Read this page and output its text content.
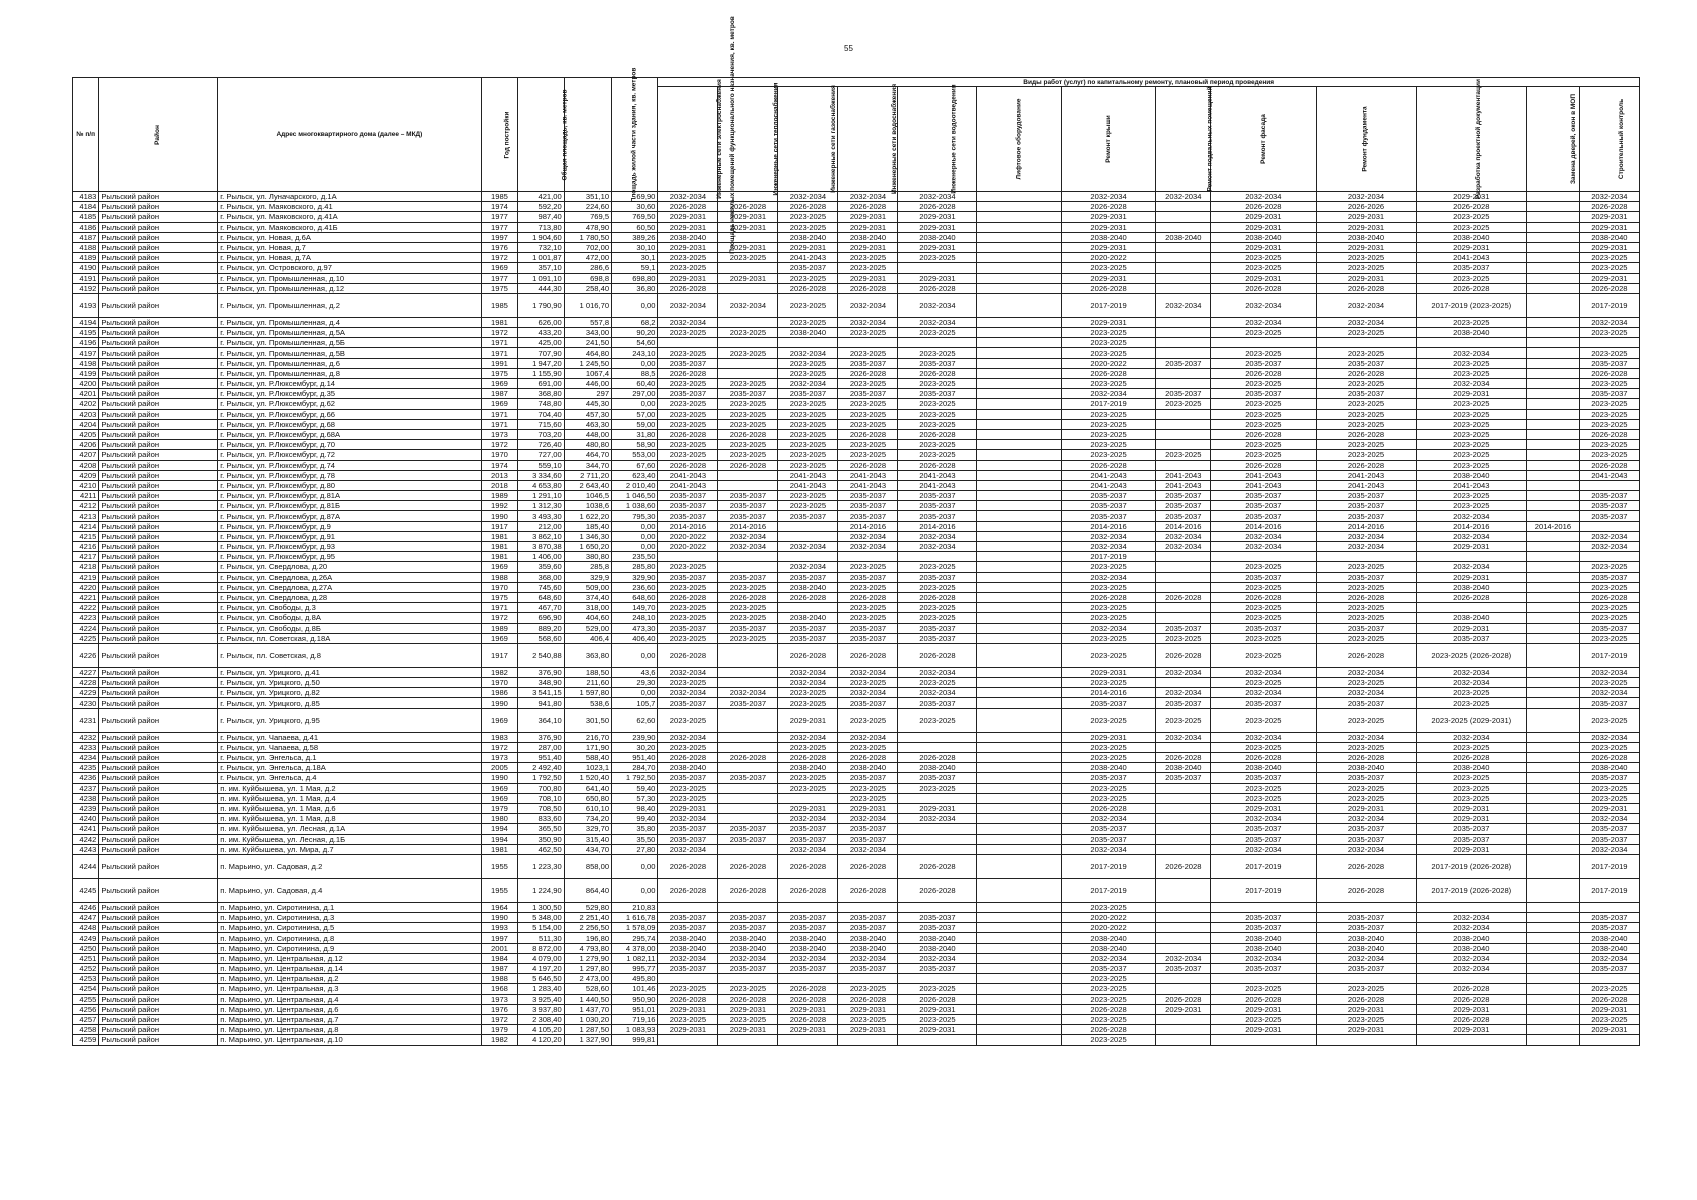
55
№ п/п	Район	Адрес многоквартирного дома (далее – МКД)	Год постройки	Общая площадь, кв. метров	Площадь жилой части здания, кв. метров	Площадь нежилых помещений функционального назначения, кв. метров	Виды работ (услуг) по капитальному ремонту, плановый период проведения												
							Инженерные сети электроснабжения	Инженерные сети теплоснабжения	Инженерные сети газоснабжения	Инженерные сети водоснабжения	Инженерные сети водоотведения	Лифтовое оборудование	Ремонт крыши	Ремонт подвальных помещений	Ремонт фасада	Ремонт фундамента	Разработка проектной документации	Замена дверей, окон в МОП	Строительный контроль
4183	Рыльский район	г. Рыльск, ул. Луначарского, д.1А	1985	421,00	351,10	69,90	2032-2034		2032-2034	2032-2034	2032-2034		2032-2034	2032-2034	2032-2034	2032-2034	2029-2031		2032-2034
4184	Рыльский район	г. Рыльск, ул. Маяковского, д.41	1974	592,20	224,60	30,60	2026-2028	2026-2028	2026-2028	2026-2028	2026-2028		2026-2028		2026-2028	2026-2026	2026-2028		2026-2028
4185	Рыльский район	г. Рыльск, ул. Маяковского, д.41А	1977	987,40	769,5	769,50	2029-2031	2029-2031	2023-2025	2029-2031	2029-2031		2029-2031		2029-2031	2029-2031	2023-2025		2029-2031
4186	Рыльский район	г. Рыльск, ул. Маяковского, д.41Б	1977	713,80	478,90	60,50	2029-2031	2029-2031	2023-2025	2029-2031	2029-2031		2029-2031		2029-2031	2029-2031	2023-2025		2029-2031
4187	Рыльский район	г. Рыльск, ул. Новая, д.6А	1997	1 904,60	1 780,50	389,26	2038-2040		2038-2040	2038-2040	2038-2040		2038-2040	2038-2040	2038-2040	2038-2040	2038-2040		2038-2040
4188	Рыльский район	г. Рыльск, ул. Новая, д.7	1976	732,10	702,00	30,10	2029-2031	2029-2031	2029-2031	2029-2031	2029-2031		2029-2031		2029-2031	2029-2031	2029-2031		2029-2031
4189	Рыльский район	г. Рыльск, ул. Новая, д.7А	1972	1 001,87	472,00	30,1	2023-2025	2023-2025	2041-2043	2023-2025	2023-2025		2020-2022		2023-2025	2023-2025	2041-2043		2023-2025
4190	Рыльский район	г. Рыльск, ул. Островского, д.97	1969	357,10	286,6	59,1	2023-2025		2035-2037	2023-2025			2023-2025		2023-2025	2023-2025	2035-2037		2023-2025
4191	Рыльский район	г. Рыльск, ул. Промышленная, д.10	1977	1 091,10	698,8	698,80	2029-2031	2029-2031	2023-2025	2029-2031	2029-2031		2029-2031		2029-2031	2029-2031	2023-2025		2029-2031
4192	Рыльский район	г. Рыльск, ул. Промышленная, д.12	1975	444,30	258,40	36,80	2026-2028		2026-2028	2026-2028	2026-2028		2026-2028		2026-2028	2026-2028	2026-2028		2026-2028
4193	Рыльский район	г. Рыльск, ул. Промышленная, д.2	1985	1 790,90	1 016,70	0,00	2032-2034	2032-2034	2023-2025	2032-2034	2032-2034		2017-2019	2032-2034	2032-2034	2032-2034	2017-2019 (2023-2025)		2017-2019
4194	Рыльский район	г. Рыльск, ул. Промышленная, д.4	1981	626,00	557,8	68,2	2032-2034		2023-2025	2032-2034	2032-2034		2029-2031		2032-2034	2032-2034	2023-2025		2032-2034
4195	Рыльский район	г. Рыльск, ул. Промышленная, д.5А	1972	433,20	343,00	90,20	2023-2025	2023-2025	2038-2040	2023-2025	2023-2025		2023-2025		2023-2025	2023-2025	2038-2040		2023-2025
4196	Рыльский район	г. Рыльск, ул. Промышленная, д.5Б	1971	425,00	241,50	54,60							2023-2025						
4197	Рыльский район	г. Рыльск, ул. Промышленная, д.5В	1971	707,90	464,80	243,10	2023-2025	2023-2025	2032-2034	2023-2025	2023-2025		2023-2025		2023-2025	2023-2025	2032-2034		2023-2025
4198	Рыльский район	г. Рыльск, ул. Промышленная, д.6	1991	1 947,20	1 245,50	0,00	2035-2037		2023-2025	2035-2037	2035-2037		2020-2022	2035-2037	2035-2037	2035-2037	2023-2025		2035-2037
4199	Рыльский район	г. Рыльск, ул. Промышленная, д.8	1975	1 155,90	1067,4	88,5	2026-2028		2023-2025	2026-2028	2026-2028		2026-2028		2026-2028	2026-2028	2023-2025		2026-2028
4200	Рыльский район	г. Рыльск, ул. Р.Люксембург, д.14	1969	691,00	446,00	60,40	2023-2025	2023-2025	2032-2034	2023-2025	2023-2025		2023-2025		2023-2025	2023-2025	2032-2034		2023-2025
4201	Рыльский район	г. Рыльск, ул. Р.Люксембург, д.35	1987	368,80	297	297,00	2035-2037	2035-2037	2035-2037	2035-2037	2035-2037		2032-2034	2035-2037	2035-2037	2035-2037	2029-2031		2035-2037
4202	Рыльский район	г. Рыльск, ул. Р.Люксембург, д.62	1969	748,80	445,30	0,00	2023-2025	2023-2025	2023-2025	2023-2025	2023-2025		2017-2019	2023-2025	2023-2025	2023-2025	2023-2025		2023-2025
4203	Рыльский район	г. Рыльск, ул. Р.Люксембург, д.66	1971	704,40	457,30	57,00	2023-2025	2023-2025	2023-2025	2023-2025	2023-2025		2023-2025		2023-2025	2023-2025	2023-2025		2023-2025
4204	Рыльский район	г. Рыльск, ул. Р.Люксембург, д.68	1971	715,60	463,30	59,00	2023-2025	2023-2025	2023-2025	2023-2025	2023-2025		2023-2025		2023-2025	2023-2025	2023-2025		2023-2025
4205	Рыльский район	г. Рыльск, ул. Р.Люксембург, д.68А	1973	703,20	448,00	31,80	2026-2028	2026-2028	2023-2025	2026-2028	2026-2028		2023-2025		2026-2028	2026-2028	2023-2025		2026-2028
4206	Рыльский район	г. Рыльск, ул. Р.Люксембург, д.70	1972	726,40	480,80	58,90	2023-2025	2023-2025	2023-2025	2023-2025	2023-2025		2023-2025		2023-2025	2023-2025	2023-2025		2023-2025
4207	Рыльский район	г. Рыльск, ул. Р.Люксембург, д.72	1970	727,00	464,70	553,00	2023-2025	2023-2025	2023-2025	2023-2025	2023-2025		2023-2025	2023-2025	2023-2025	2023-2025	2023-2025		2023-2025
4208	Рыльский район	г. Рыльск, ул. Р.Люксембург, д.74	1974	559,10	344,70	67,60	2026-2028	2026-2028	2023-2025	2026-2028	2026-2028		2026-2028		2026-2028	2026-2028	2023-2025		2026-2028
4209	Рыльский район	г. Рыльск, ул. Р.Люксембург, д.78	2013	3 334,60	2 711,20	623,40	2041-2043		2041-2043	2041-2043	2041-2043		2041-2043	2041-2043	2041-2043	2041-2043	2038-2040		2041-2043
4210	Рыльский район	г. Рыльск, ул. Р.Люксембург, д.80	2018	4 653,80	2 643,40	2 010,40	2041-2043		2041-2043	2041-2043	2041-2043		2041-2043	2041-2043	2041-2043	2041-2043	2041-2043		
4211	Рыльский район	г. Рыльск, ул. Р.Люксембург, д.81А	1989	1 291,10	1046,5	1 046,50	2035-2037	2035-2037	2023-2025	2035-2037	2035-2037		2035-2037	2035-2037	2035-2037	2035-2037	2023-2025		2035-2037
4212	Рыльский район	г. Рыльск, ул. Р.Люксембург, д.81Б	1992	1 312,30	1038,6	1 038,60	2035-2037	2035-2037	2023-2025	2035-2037	2035-2037		2035-2037	2035-2037	2035-2037	2035-2037	2023-2025		2035-2037
4213	Рыльский район	г. Рыльск, ул. Р.Люксембург, д.87А	1990	3 493,30	1 622,20	795,30	2035-2037	2035-2037	2035-2037	2035-2037	2035-2037		2035-2037	2035-2037	2035-2037	2035-2037	2032-2034		2035-2037
4214	Рыльский район	г. Рыльск, ул. Р.Люксембург, д.9	1917	212,00	185,40	0,00	2014-2016	2014-2016		2014-2016	2014-2016		2014-2016	2014-2016	2014-2016	2014-2016	2014-2016	2014-2016	
4215	Рыльский район	г. Рыльск, ул. Р.Люксембург, д.91	1981	3 862,10	1 346,30	0,00	2020-2022	2032-2034		2032-2034	2032-2034		2032-2034	2032-2034	2032-2034	2032-2034	2032-2034		2032-2034
4216	Рыльский район	г. Рыльск, ул. Р.Люксембург, д.93	1981	3 870,38	1 650,20	0,00	2020-2022	2032-2034	2032-2034	2032-2034	2032-2034		2032-2034	2032-2034	2032-2034	2032-2034	2029-2031		2032-2034
4217	Рыльский район	г. Рыльск, ул. Р.Люксембург, д.95	1981	1 406,00	380,80	235,50							2017-2019						
4218	Рыльский район	г. Рыльск, ул. Свердлова, д.20	1969	359,60	285,8	285,80	2023-2025		2032-2034	2023-2025	2023-2025		2023-2025		2023-2025	2023-2025	2032-2034		2023-2025
4219	Рыльский район	г. Рыльск, ул. Свердлова, д.26А	1988	368,00	329,9	329,90	2035-2037	2035-2037	2035-2037	2035-2037	2035-2037		2032-2034		2035-2037	2035-2037	2029-2031		2035-2037
4220	Рыльский район	г. Рыльск, ул. Свердлова, д.27А	1970	745,60	509,00	236,60	2023-2025	2023-2025	2038-2040	2023-2025	2023-2025		2023-2025		2023-2025	2023-2025	2038-2040		2023-2025
4221	Рыльский район	г. Рыльск, ул. Свердлова, д.28	1975	648,60	374,40	648,60	2026-2028	2026-2028	2026-2028	2026-2028	2026-2028		2026-2028	2026-2028	2026-2028	2026-2028	2026-2028		2026-2028
4222	Рыльский район	г. Рыльск, ул. Свободы, д.3	1971	467,70	318,00	149,70	2023-2025	2023-2025		2023-2025	2023-2025		2023-2025		2023-2025	2023-2025			2023-2025
4223	Рыльский район	г. Рыльск, ул. Свободы, д.8А	1972	696,90	404,60	248,10	2023-2025	2023-2025	2038-2040	2023-2025	2023-2025		2023-2025		2023-2025	2023-2025	2038-2040		2023-2025
4224	Рыльский район	г. Рыльск, ул. Свободы, д.8Б	1989	889,20	529,00	473,30	2035-2037	2035-2037	2035-2037	2035-2037	2035-2037		2032-2034	2035-2037	2035-2037	2035-2037	2029-2031		2035-2037
4225	Рыльский район	г. Рыльск, пл. Советская, д.18А	1969	568,60	406,4	406,40	2023-2025	2023-2025	2035-2037	2035-2037	2035-2037		2023-2025	2023-2025	2023-2025	2023-2025	2035-2037		2023-2025
4226	Рыльский район	г. Рыльск, пл. Советская, д.8	1917	2 540,88	363,80	0,00	2026-2028		2026-2028	2026-2028	2026-2028		2023-2025	2026-2028	2023-2025	2026-2028	2023-2025 (2026-2028)		2017-2019
4227	Рыльский район	г. Рыльск, ул. Урицкого, д.41	1982	376,90	188,50	43,6	2032-2034		2032-2034	2032-2034	2032-2034		2029-2031	2032-2034	2032-2034	2032-2034	2032-2034		2032-2034
4228	Рыльский район	г. Рыльск, ул. Урицкого, д.50	1970	348,90	211,60	29,30	2023-2025		2032-2034	2023-2025	2023-2025		2023-2025		2023-2025	2023-2025	2032-2034		2023-2025
4229	Рыльский район	г. Рыльск, ул. Урицкого, д.82	1986	3 541,15	1 597,80	0,00	2032-2034	2032-2034	2023-2025	2032-2034	2032-2034		2014-2016	2032-2034	2032-2034	2032-2034	2023-2025		2032-2034
4230	Рыльский район	г. Рыльск, ул. Урицкого, д.85	1990	941,80	538,6	105,7	2035-2037	2035-2037	2023-2025	2035-2037	2035-2037		2035-2037	2035-2037	2035-2037	2035-2037	2023-2025		2035-2037
4231	Рыльский район	г. Рыльск, ул. Урицкого, д.95	1969	364,10	301,50	62,60	2023-2025		2029-2031	2023-2025	2023-2025		2023-2025	2023-2025	2023-2025	2023-2025	2023-2025 (2029-2031)		2023-2025
4232	Рыльский район	г. Рыльск, ул. Чапаева, д.41	1983	376,90	216,70	239,90	2032-2034		2032-2034	2032-2034			2029-2031	2032-2034	2032-2034	2032-2034	2032-2034		2032-2034
4233	Рыльский район	г. Рыльск, ул. Чапаева, д.58	1972	287,00	171,90	30,20	2023-2025		2023-2025	2023-2025			2023-2025		2023-2025	2023-2025	2023-2025		2023-2025
4234	Рыльский район	г. Рыльск, ул. Энгельса, д.1	1973	951,40	588,40	951,40	2026-2028	2026-2028	2026-2028	2026-2028	2026-2028		2023-2025	2026-2028	2026-2028	2026-2028	2026-2028		2026-2028
4235	Рыльский район	г. Рыльск, ул. Энгельса, д.18А	2005	2 492,40	1023,1	284,70	2038-2040		2038-2040	2038-2040	2038-2040		2038-2040	2038-2040	2038-2040	2038-2040	2038-2040		2038-2040
4236	Рыльский район	г. Рыльск, ул. Энгельса, д.4	1990	1 792,50	1 520,40	1 792,50	2035-2037	2035-2037	2023-2025	2035-2037	2035-2037		2035-2037	2035-2037	2035-2037	2035-2037	2023-2025		2035-2037
4237	Рыльский район	п. им. Куйбышева, ул. 1 Мая, д.2	1969	700,80	641,40	59,40	2023-2025		2023-2025	2023-2025	2023-2025		2023-2025		2023-2025	2023-2025	2023-2025		2023-2025
4238	Рыльский район	п. им. Куйбышева, ул. 1 Мая, д.4	1969	708,10	650,80	57,30	2023-2025			2023-2025			2023-2025		2023-2025	2023-2025	2023-2025		2023-2025
4239	Рыльский район	п. им. Куйбышева, ул. 1 Мая, д.6	1979	708,50	610,10	98,40	2029-2031		2029-2031	2029-2031	2029-2031		2026-2028		2029-2031	2029-2031	2029-2031		2029-2031
4240	Рыльский район	п. им. Куйбышева, ул. 1 Мая, д.8	1980	833,60	734,20	99,40	2032-2034		2032-2034	2032-2034	2032-2034		2032-2034		2032-2034	2032-2034	2029-2031		2032-2034
4241	Рыльский район	п. им. Куйбышева, ул. Лесная, д.1А	1994	365,50	329,70	35,80	2035-2037	2035-2037	2035-2037	2035-2037			2035-2037		2035-2037	2035-2037	2035-2037		2035-2037
4242	Рыльский район	п. им. Куйбышева, ул. Лесная, д.1Б	1994	350,90	315,40	35,50	2035-2037	2035-2037	2035-2037	2035-2037			2035-2037		2035-2037	2035-2037	2035-2037		2035-2037
4243	Рыльский район	п. им. Куйбышева, ул. Мира, д.7	1981	462,50	434,70	27,80	2032-2034		2032-2034	2032-2034			2032-2034		2032-2034	2032-2034	2029-2031		2032-2034
4244	Рыльский район	п. Марьино, ул. Садовая, д.2	1955	1 223,30	858,00	0,00	2026-2028	2026-2028	2026-2028	2026-2028	2026-2028		2017-2019	2026-2028	2017-2019	2026-2028	2017-2019 (2026-2028)		2017-2019
4245	Рыльский район	п. Марьино, ул. Садовая, д.4	1955	1 224,90	864,40	0,00	2026-2028	2026-2028	2026-2028	2026-2028	2026-2028		2017-2019		2017-2019	2026-2028	2017-2019 (2026-2028)		2017-2019
4246	Рыльский район	п. Марьино, ул. Сиротинина, д.1	1964	1 300,50	529,80	210,83							2023-2025						
4247	Рыльский район	п. Марьино, ул. Сиротинина, д.3	1990	5 348,00	2 251,40	1 616,78	2035-2037	2035-2037	2035-2037	2035-2037	2035-2037		2020-2022		2035-2037	2035-2037	2032-2034		2035-2037
4248	Рыльский район	п. Марьино, ул. Сиротинина, д.5	1993	5 154,00	2 256,50	1 578,09	2035-2037	2035-2037	2035-2037	2035-2037	2035-2037		2020-2022		2035-2037	2035-2037	2032-2034		2035-2037
4249	Рыльский район	п. Марьино, ул. Сиротинина, д.8	1997	511,30	196,80	295,74	2038-2040	2038-2040	2038-2040	2038-2040	2038-2040		2038-2040		2038-2040	2038-2040	2038-2040		2038-2040
4250	Рыльский район	п. Марьино, ул. Сиротинина, д.9	2001	8 872,00	4 793,80	4 378,00	2038-2040	2038-2040	2038-2040	2038-2040	2038-2040		2038-2040		2038-2040	2038-2040	2038-2040		2038-2040
4251	Рыльский район	п. Марьино, ул. Центральная, д.12	1984	4 079,00	1 279,90	1 082,11	2032-2034	2032-2034	2032-2034	2032-2034	2032-2034		2032-2034	2032-2034	2032-2034	2032-2034	2032-2034		2032-2034
4252	Рыльский район	п. Марьино, ул. Центральная, д.14	1987	4 197,20	1 297,80	995,77	2035-2037	2035-2037	2035-2037	2035-2037	2035-2037		2035-2037	2035-2037	2035-2037	2035-2037	2032-2034		2035-2037
4253	Рыльский район	п. Марьино, ул. Центральная, д.2	1988	5 646,50	2 473,00	495,80							2023-2025						
4254	Рыльский район	п. Марьино, ул. Центральная, д.3	1968	1 283,40	528,60	101,46	2023-2025	2023-2025	2026-2028	2023-2025	2023-2025		2023-2025		2023-2025	2023-2025	2026-2028		2023-2025
4255	Рыльский район	п. Марьино, ул. Центральная, д.4	1973	3 925,40	1 440,50	950,90	2026-2028	2026-2028	2026-2028	2026-2028	2026-2028		2023-2025	2026-2028	2026-2028	2026-2028	2026-2028		2026-2028
4256	Рыльский район	п. Марьино, ул. Центральная, д.6	1976	3 937,80	1 437,70	951,01	2029-2031	2029-2031	2029-2031	2029-2031	2029-2031		2026-2028	2029-2031	2029-2031	2029-2031	2029-2031		2029-2031
4257	Рыльский район	п. Марьино, ул. Центральная, д.7	1972	2 308,40	1 030,20	719,16	2023-2025	2023-2025	2026-2028	2023-2025	2023-2025		2023-2025		2023-2025	2023-2025	2026-2028		2023-2025
4258	Рыльский район	п. Марьино, ул. Центральная, д.8	1979	4 105,20	1 287,50	1 083,93	2029-2031	2029-2031	2029-2031	2029-2031	2029-2031		2026-2028		2029-2031	2029-2031	2029-2031		2029-2031
4259	Рыльский район	п. Марьино, ул. Центральная, д.10	1982	4 120,20	1 327,90	999,81							2023-2025						
